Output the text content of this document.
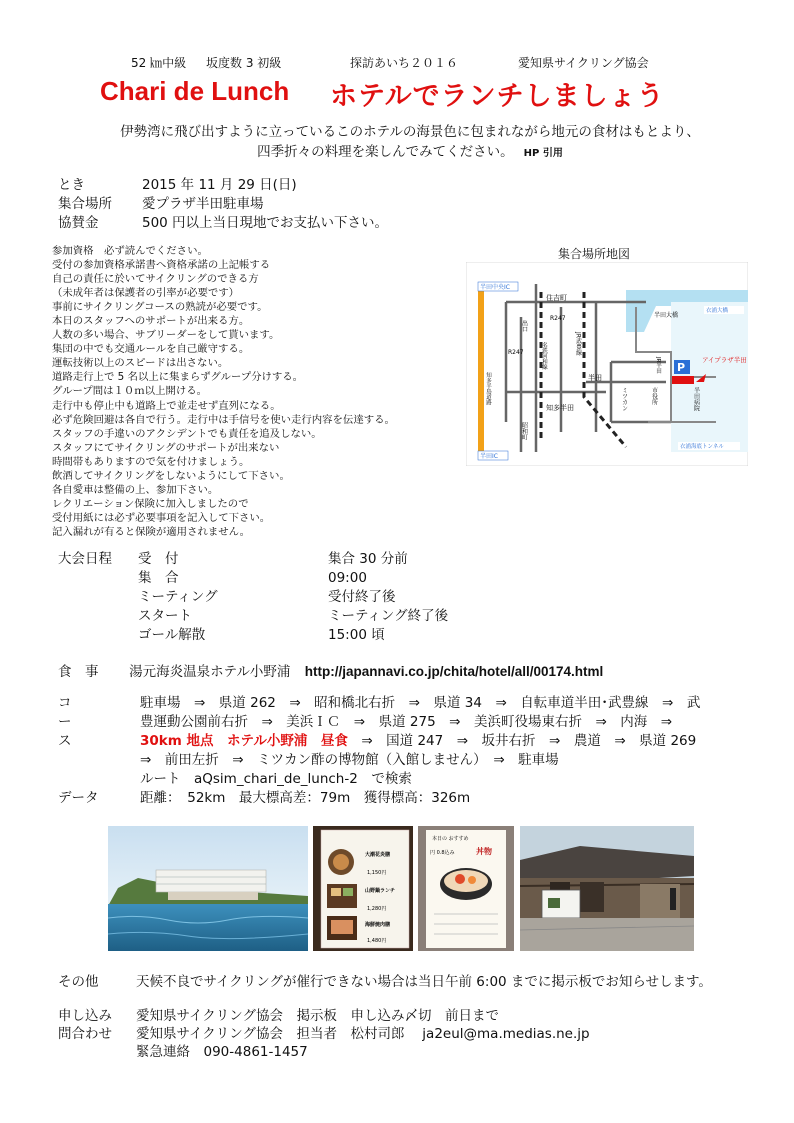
52 ㎞中級 坂度数 3 初級	探訪あいち２０１６	愛知県サイクリング協会
Chari de Lunch ホテルでランチしましょう
伊勢湾に飛び出すように立っているこのホテルの海景色に包まれながら地元の食材はもとより、
四季折々の料理を楽しんでみてください。 HP 引用
とき	2015 年 11 月 29 日(日)
集合場所 愛プラザ半田駐車場
協賛金	500 円以上当日現地でお支払い下さい。
参加資格　必ず読んでください。
受付の参加資格承諾書へ資格承諾の上記帳する
自己の責任に於いてサイクリングのできる方
（未成年者は保護者の引率が必要です）
事前にサイクリングコースの熟読が必要です。
本日のスタッフへのサポートが出来る方。
人数の多い場合、サブリーダーをして貰います。
集団の中でも交通ルールを自己厳守する。
運転技術以上のスピードは出さない。
道路走行上で 5 名以上に集まらずグループ分けする。
グループ間は１０ｍ以上開ける。
走行中も停止中も道路上で並走せず直列になる。
必ず危険回避は各自で行う。走行中は手信号を使い走行内容を伝達する。
スタッフの手違いのアクシデントでも責任を追及しない。
スタッフにてサイクリングのサポートが出来ない
時間帯もありますので気を付けましょう。
飲酒してサイクリングをしないようにして下さい。
各自愛車は整備の上、参加下さい。
レクリエーション保険に加入しましたので
受付用紙には必ず必要事項を記入して下さい。
記入漏れが有ると保険が適用されません。
集合場所地図
P
アイプラザ半田
半田中央IC
半田IC
住吉町
知多半田
半田
半田大橋
衣浦大橋
衣浦海底トンネル
R247
R247	JR武豊線
名鉄河和線
知多半島道路
出口
昭和町
ミツカン	市役所	半田病院
JR半田
大会日程 受　付	集合 30 分前
集　合	09:00
ミーティング	受付終了後
スタート	ミーティング終了後
ゴール解散	15:00 頃
食　事 湯元海炎温泉ホテル小野浦 http://japannavi.co.jp/chita/hotel/all/00174.html
コース
駐車場　⇒　県道 262　⇒　昭和橋北右折　⇒　県道 34　⇒　自転車道半田･武豊線　⇒　武
豊運動公園前右折　⇒　美浜ＩＣ　⇒　県道 275　⇒　美浜町役場東右折　⇒　内海　⇒
30km 地点　ホテル小野浦　昼食　⇒　国道 247　⇒　坂井右折　⇒　農道　⇒　県道 269
⇒　前田左折　⇒　ミツカン酢の博物館（入館しません）　⇒　駐車場
ルート　aQsim_chari_de_lunch-2　で検索
データ	距離：　52km　最大標高差：79m　獲得標高：326m
大潮花炎膳
1,150円
山野鍋ランチ
1,280円
海鮮焼肉膳
1,480円
本日の おすすめ
丼物
円 0.8込み
その他	天候不良でサイクリングが催行できない場合は当日午前 6:00 までに掲示板でお知らせします。
申し込み 愛知県サイクリング協会　掲示板　申し込み〆切　前日まで
問合わせ 愛知県サイクリング協会　担当者　松村司郎　 ja2eul@ma.medias.ne.jp
緊急連絡　090-4861-1457
